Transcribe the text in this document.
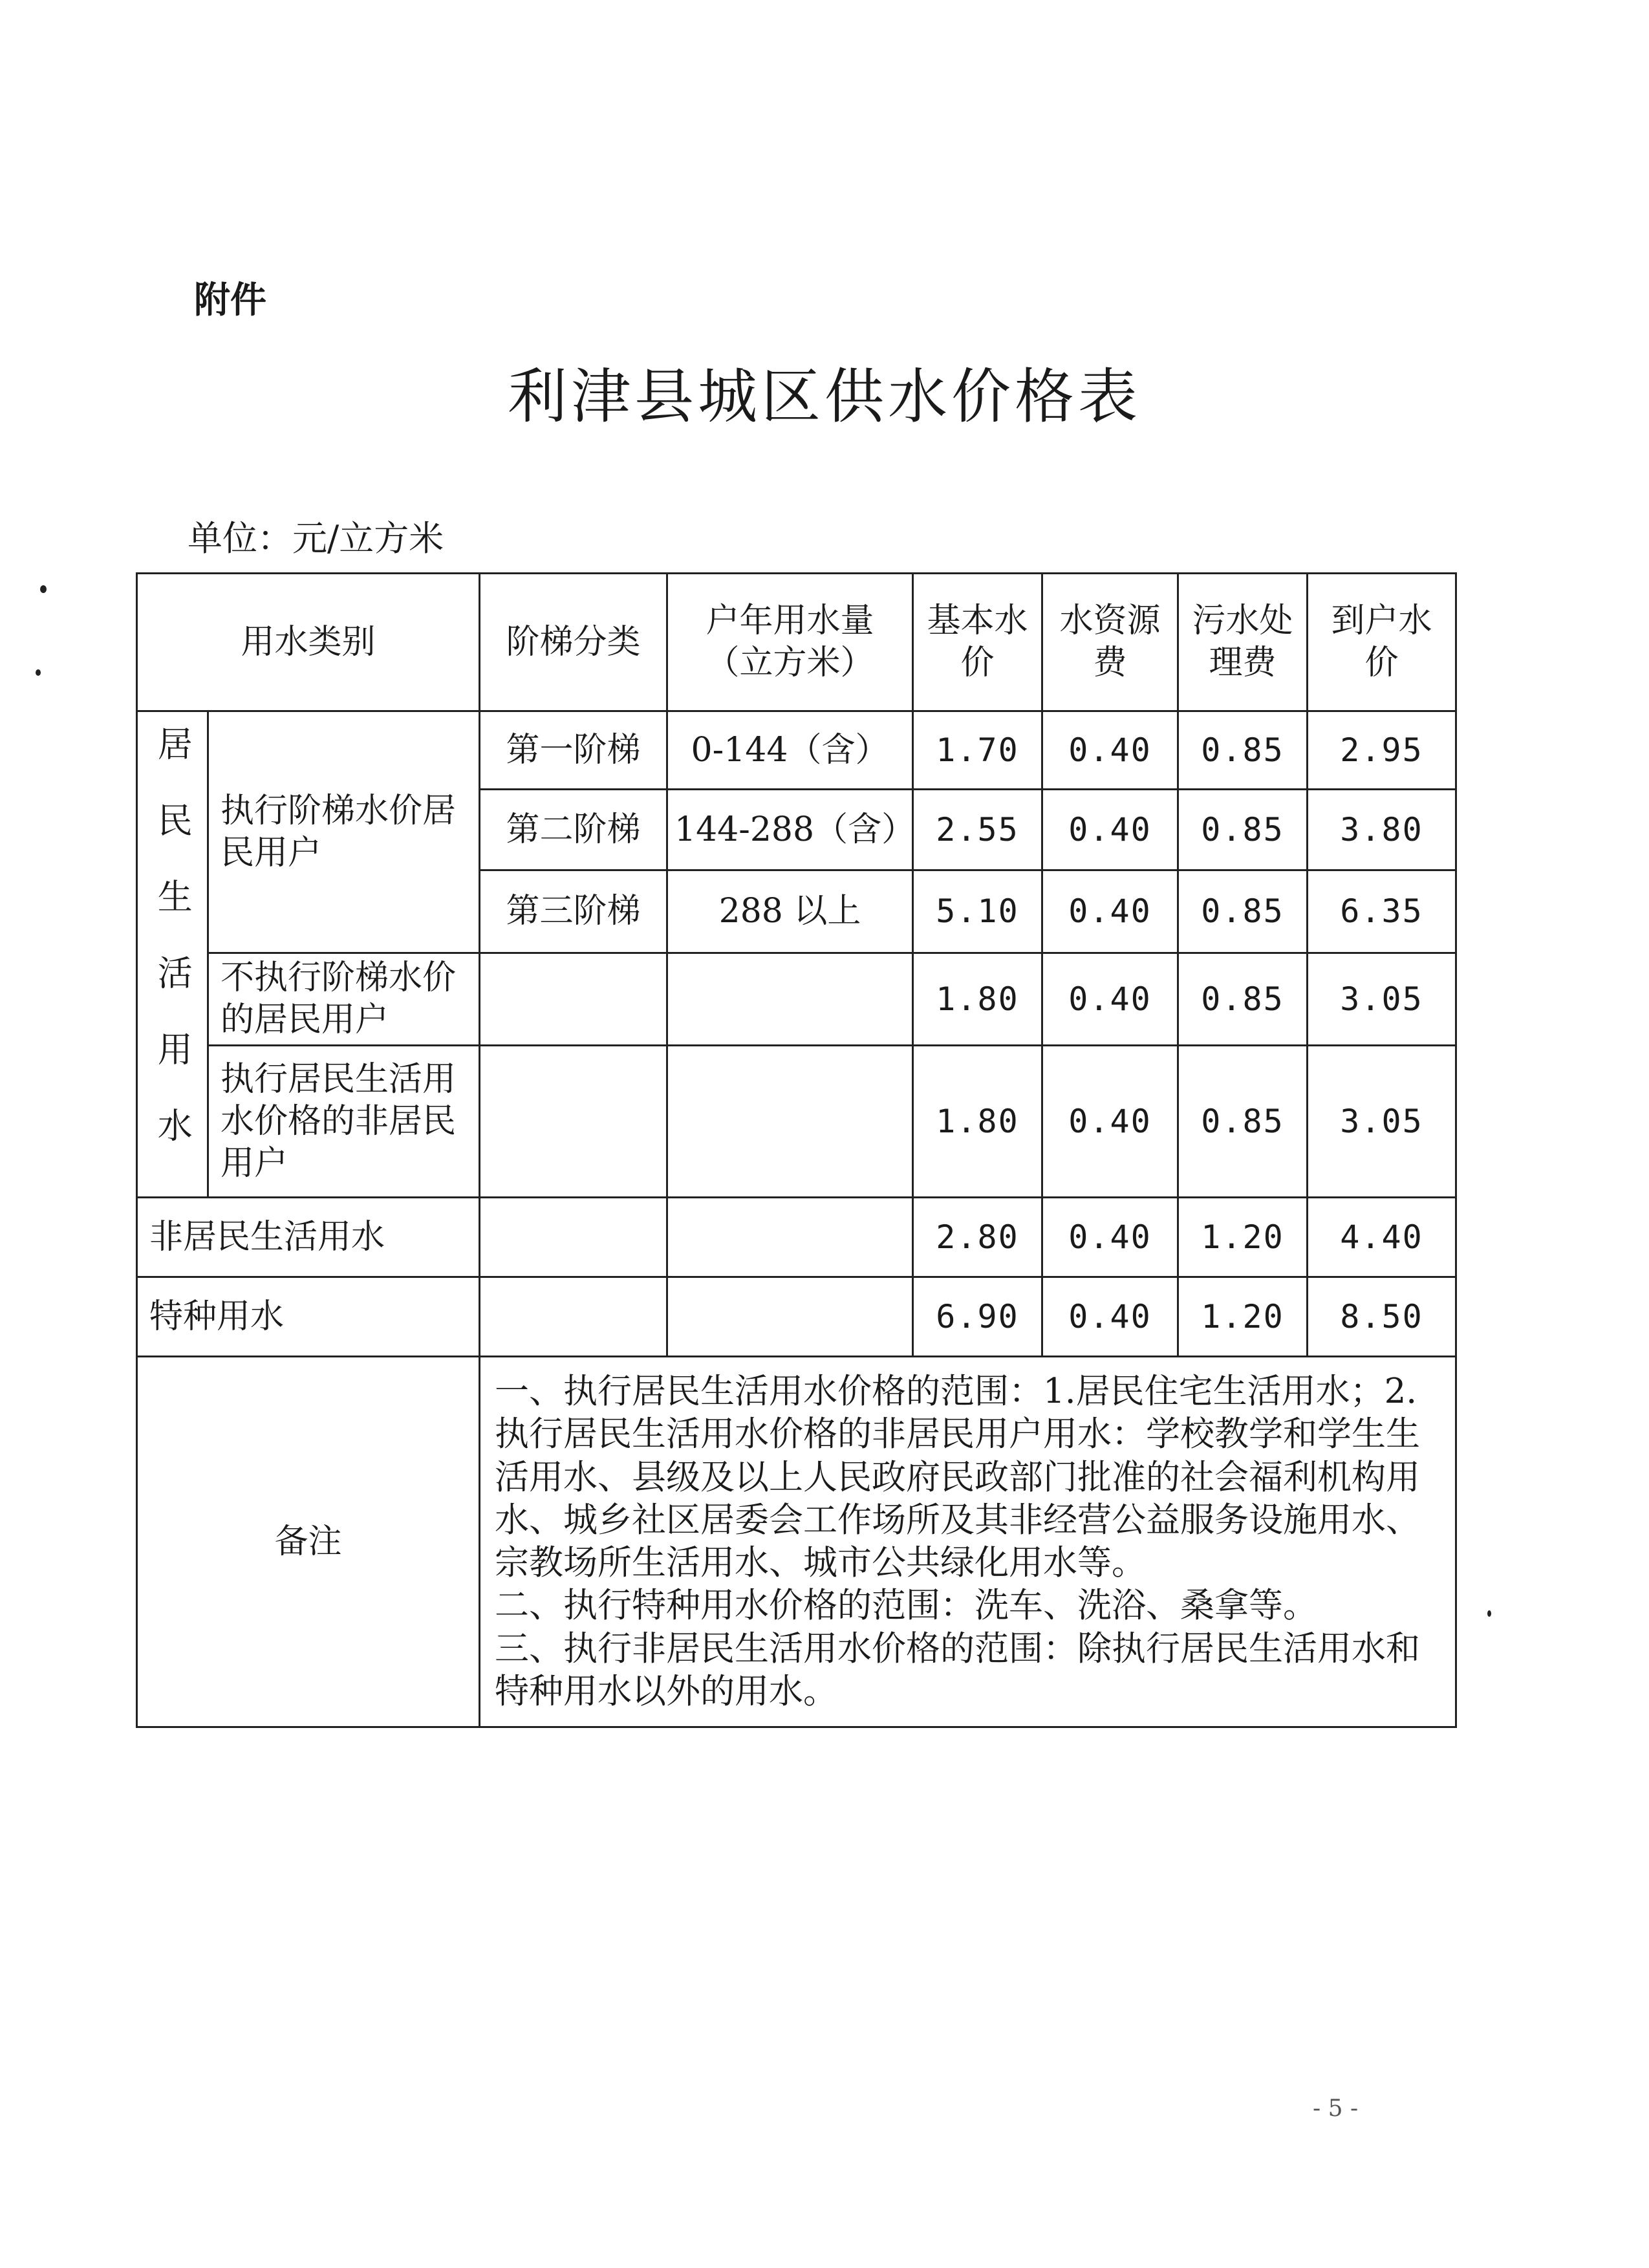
附件
利津县城区供水价格表
单位：元/立方米
用水类别		阶梯分类	户年用水量（立方米）	基本水价	水资源费	污水处理费	到户水价
居民生活用水	执行阶梯水价居民用户	第一阶梯	0-144（含）	1.70	0.40	0.85	2.95
		第二阶梯	144-288（含）	2.55	0.40	0.85	3.80
		第三阶梯	288 以上	5.10	0.40	0.85	6.35
	不执行阶梯水价的居民用户			1.80	0.40	0.85	3.05
	执行居民生活用水价格的非居民用户			1.80	0.40	0.85	3.05
非居民生活用水				2.80	0.40	1.20	4.40
特种用水				6.90	0.40	1.20	8.50
备注		一、执行居民生活用水价格的范围：1.居民住宅生活用水；2.执行居民生活用水价格的非居民用户用水：学校教学和学生生活用水、县级及以上人民政府民政部门批准的社会福利机构用水、城乡社区居委会工作场所及其非经营公益服务设施用水、宗教场所生活用水、城市公共绿化用水等。

二、执行特种用水价格的范围：洗车、洗浴、桑拿等。

三、执行非居民生活用水价格的范围：除执行居民生活用水和特种用水以外的用水。					

- 5 -
